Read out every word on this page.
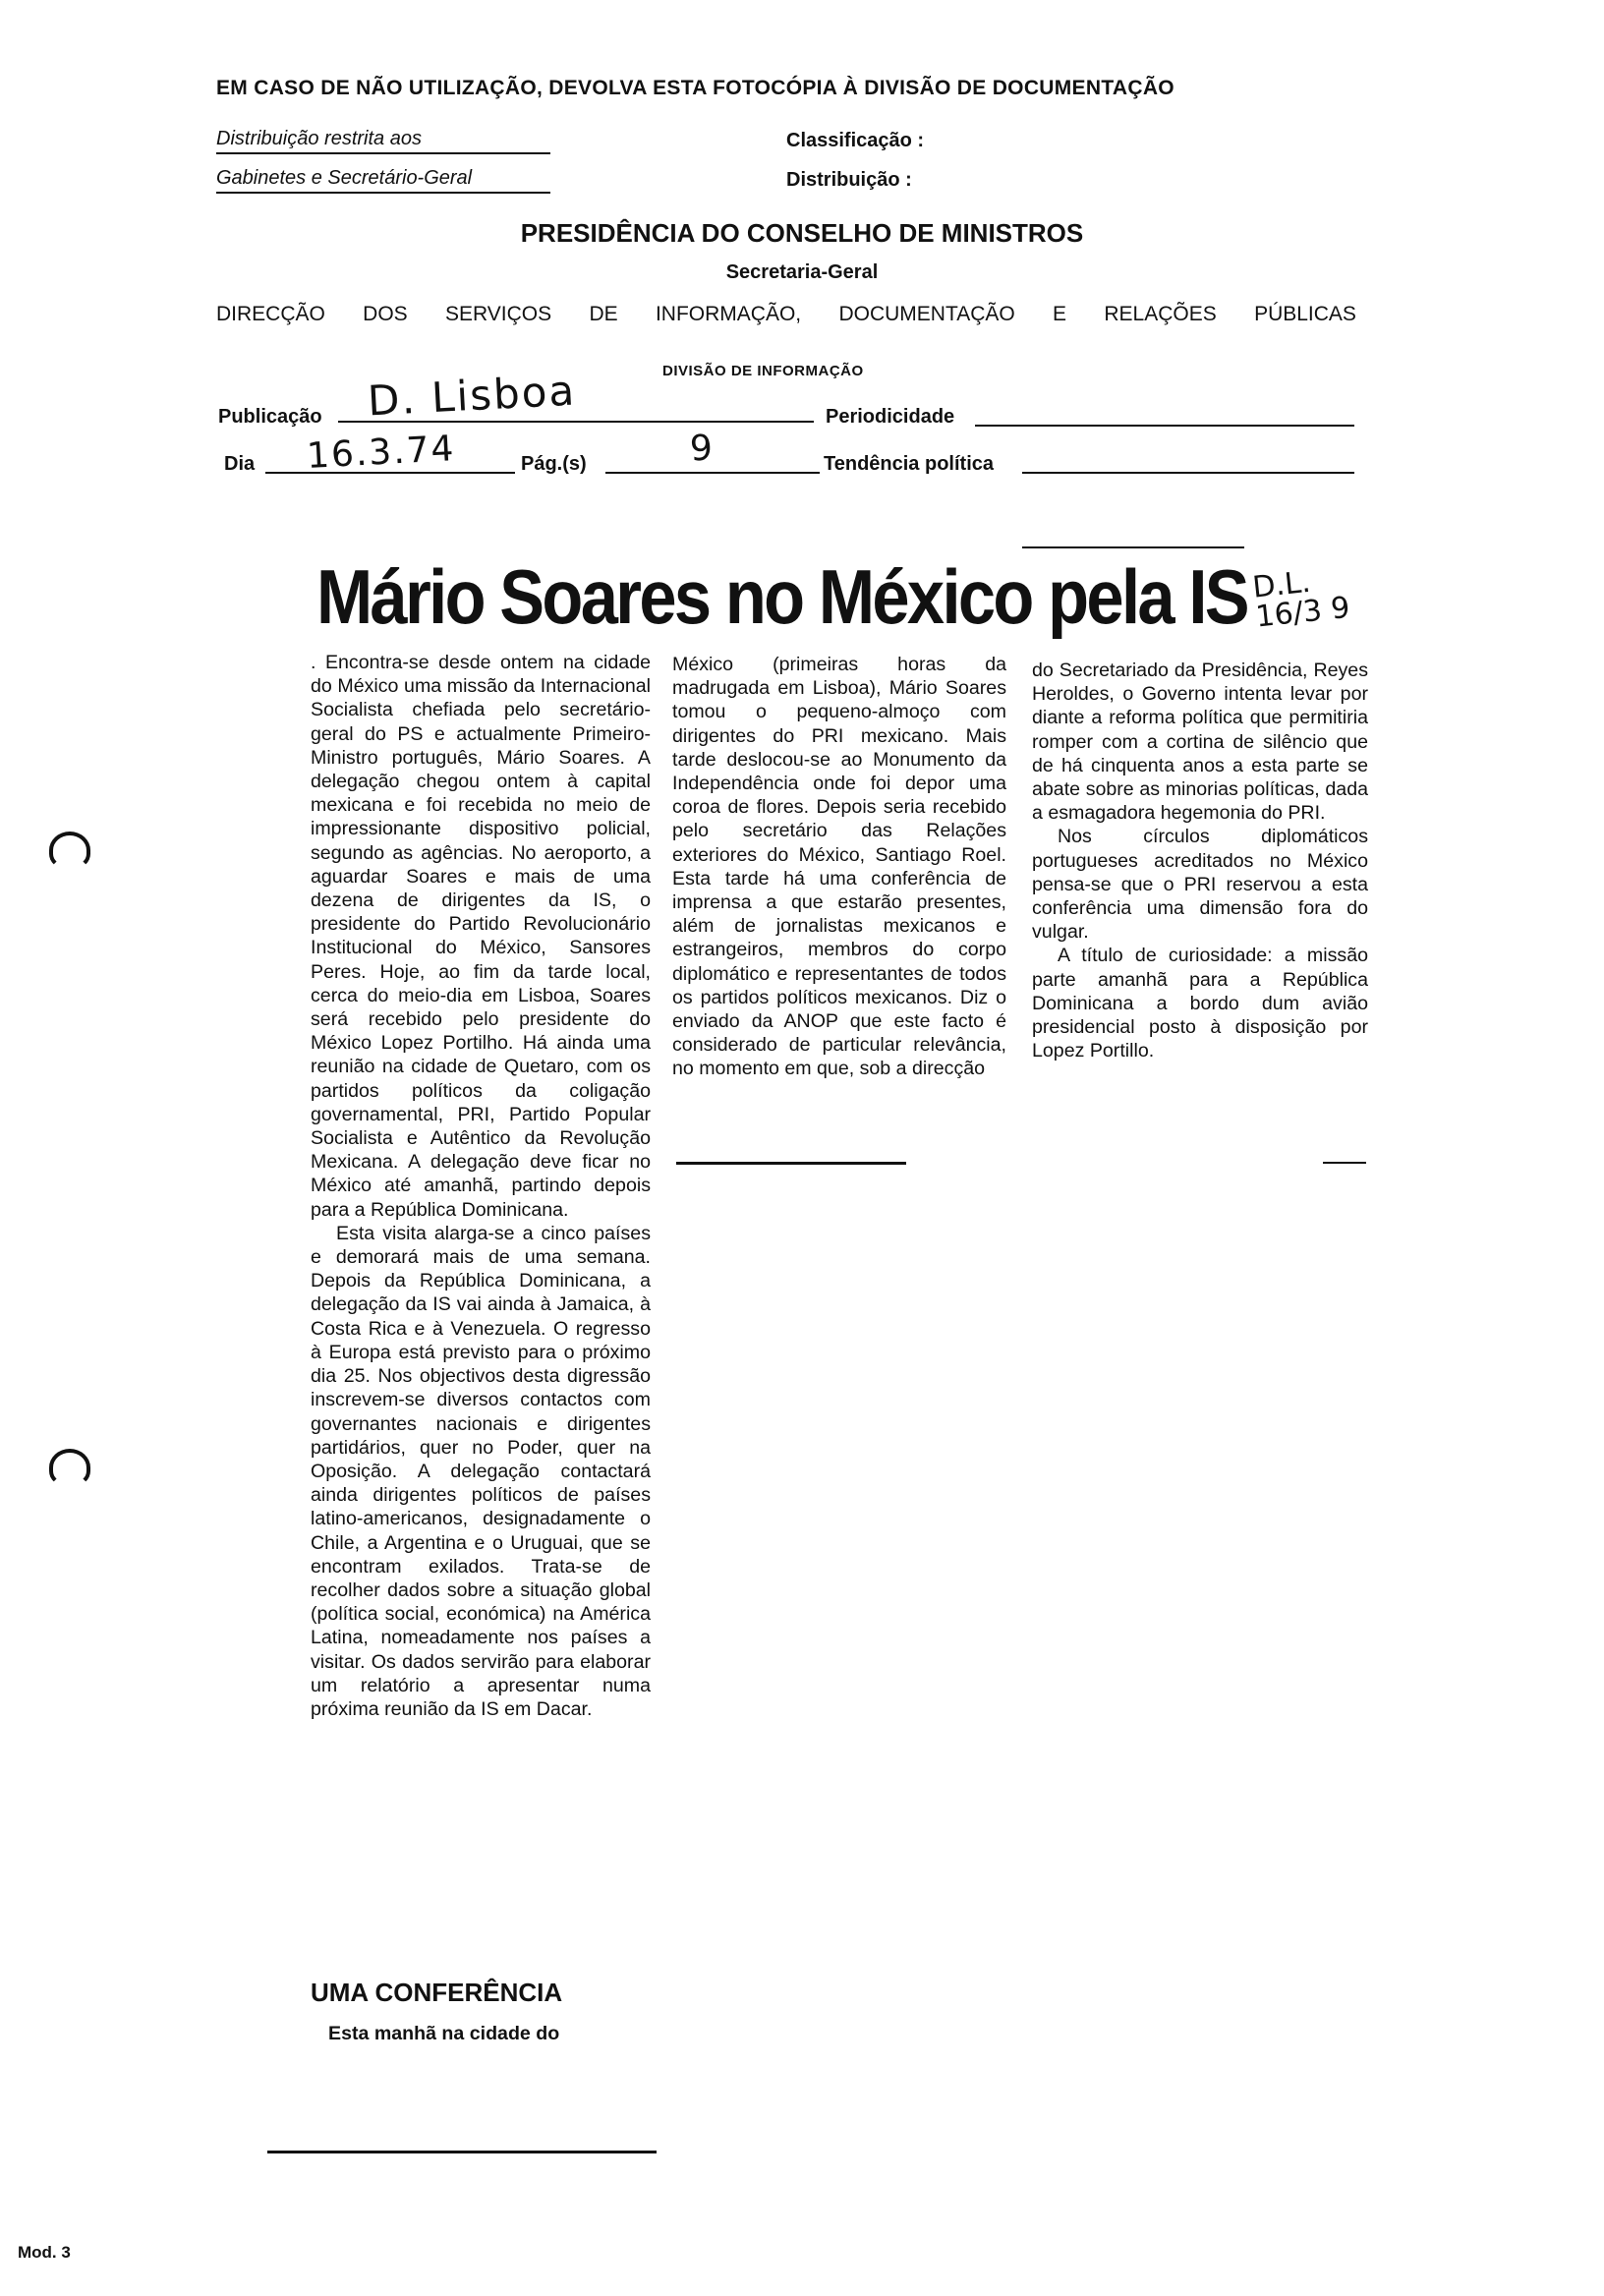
EM CASO DE NÃO UTILIZAÇÃO, DEVOLVA ESTA FOTOCÓPIA À DIVISÃO DE DOCUMENTAÇÃO
Distribuição restrita aos
Gabinetes e Secretário-Geral
Classificação :
Distribuição :
PRESIDÊNCIA DO CONSELHO DE MINISTROS
Secretaria-Geral
DIRECÇÃO DOS SERVIÇOS DE INFORMAÇÃO, DOCUMENTAÇÃO E RELAÇÕES PÚBLICAS
DIVISÃO DE INFORMAÇÃO
Publicação D. Lisboa	Periodicidade
Dia 16.3.74	Pág.(s)	9	Tendência política
Mário Soares no México pela IS D.L. 16/3 9

. Encontra-se desde ontem na cidade do México uma missão da Internacional Socialista chefiada pelo secretário-geral do PS e actualmente Primeiro-Ministro português, Mário Soares. A delegação chegou ontem à capital mexicana e foi recebida no meio de impressionante dispositivo policial, segundo as agências. No aeroporto, a aguardar Soares e mais de uma dezena de dirigentes da IS, o presidente do Partido Revolucionário Institucional do México, Sansores Peres. Hoje, ao fim da tarde local, cerca do meio-dia em Lisboa, Soares será recebido pelo presidente do México Lopez Portilho. Há ainda uma reunião na cidade de Quetaro, com os partidos políticos da coligação governamental, PRI, Partido Popular Socialista e Autêntico da Revolução Mexicana. A delegação deve ficar no México até amanhã, partindo depois para a República Dominicana.

Esta visita alarga-se a cinco países e demorará mais de uma semana. Depois da República Dominicana, a delegação da IS vai ainda à Jamaica, à Costa Rica e à Venezuela. O regresso à Europa está previsto para o próximo dia 25. Nos objectivos desta digressão inscrevem-se diversos contactos com governantes nacionais e dirigentes partidários, quer no Poder, quer na Oposição. A delegação contactará ainda dirigentes políticos de países latino-americanos, designadamente o Chile, a Argentina e o Uruguai, que se encontram exilados. Trata-se de recolher dados sobre a situação global (política social, económica) na América Latina, nomeadamente nos países a visitar. Os dados servirão para elaborar um relatório a apresentar numa próxima reunião da IS em Dacar.

UMA CONFERÊNCIA
Esta manhã na cidade do

México (primeiras horas da madrugada em Lisboa), Mário Soares tomou o pequeno-almoço com dirigentes do PRI mexicano. Mais tarde deslocou-se ao Monumento da Independência onde foi depor uma coroa de flores. Depois seria recebido pelo secretário das Relações exteriores do México, Santiago Roel. Esta tarde há uma conferência de imprensa a que estarão presentes, além de jornalistas mexicanos e estrangeiros, membros do corpo diplomático e representantes de todos os partidos políticos mexicanos. Diz o enviado da ANOP que este facto é considerado de particular relevância, no momento em que, sob a direcção

do Secretariado da Presidência, Reyes Heroldes, o Governo intenta levar por diante a reforma política que permitiria romper com a cortina de silêncio que de há cinquenta anos a esta parte se abate sobre as minorias políticas, dada a esmagadora hegemonia do PRI.

Nos círculos diplomáticos portugueses acreditados no México pensa-se que o PRI reservou a esta conferência uma dimensão fora do vulgar.

A título de curiosidade: a missão parte amanhã para a República Dominicana a bordo dum avião presidencial posto à disposição por Lopez Portillo.

Mod. 3
